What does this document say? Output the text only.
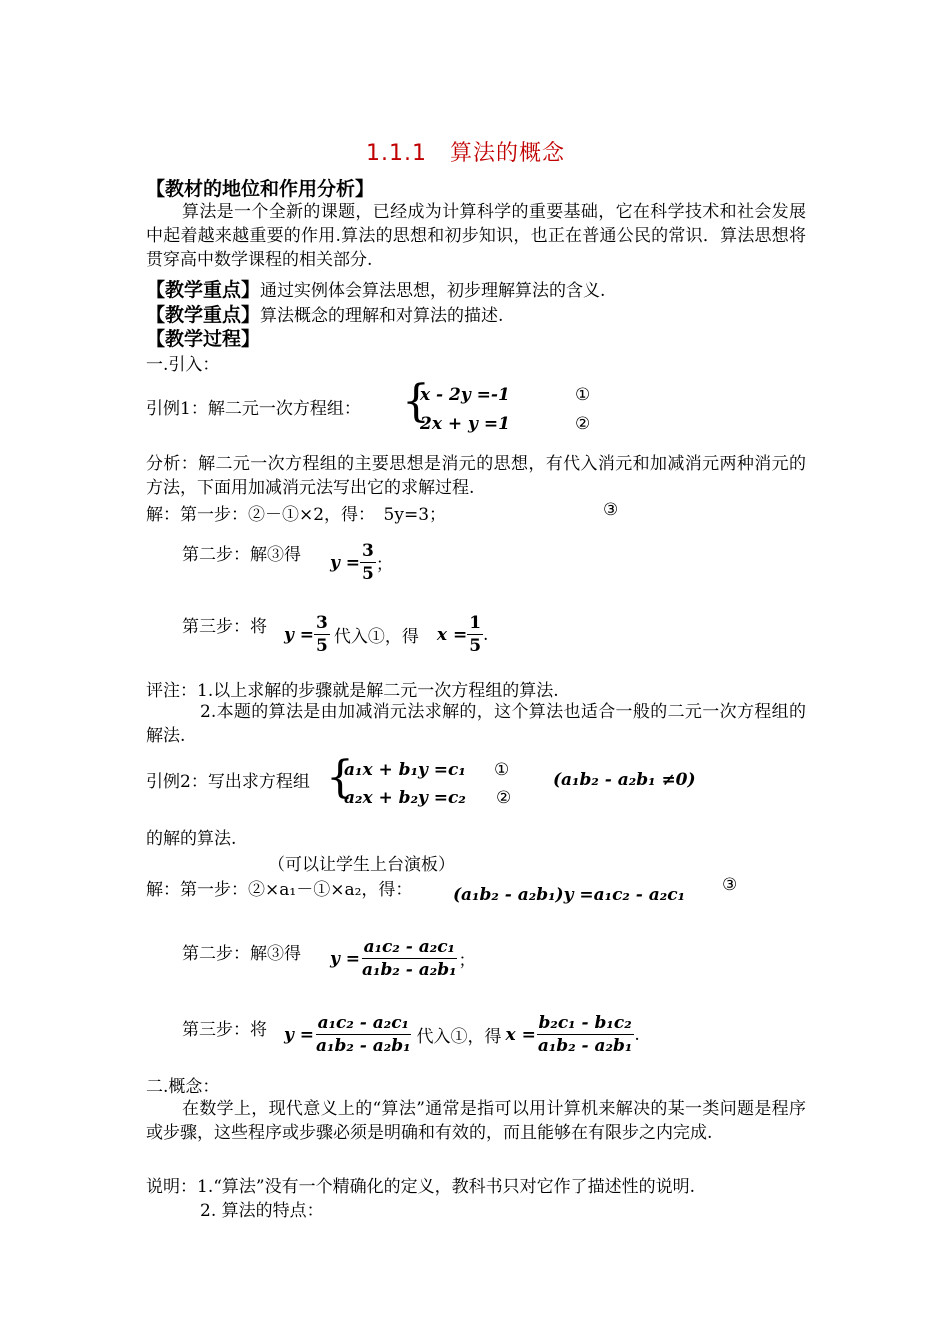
1.1.1　算法的概念
【教材的地位和作用分析】
算法是一个全新的课题，已经成为计算科学的重要基础，它在科学技术和社会发展中起着越来越重要的作用.算法的思想和初步知识，也正在普通公民的常识．算法思想将贯穿高中数学课程的相关部分.
【教学重点】通过实例体会算法思想，初步理解算法的含义.
【教学重点】算法概念的理解和对算法的描述.
【教学过程】
一.引入：
引例1：解二元一次方程组： {
x - 2y =-1
2x + y =1
①
②
分析：解二元一次方程组的主要思想是消元的思想，有代入消元和加减消元两种消元的方法，下面用加减消元法写出它的求解过程.
解：第一步：②－①×2，得：　5y=3；	③
第二步：解③得 $y = \frac{3}{5}$ ；
第三步：将 $y = \frac{3}{5}$ 代入①，得 $x = \frac{1}{5}$ .
评注：1.以上求解的步骤就是解二元一次方程组的算法.
2.本题的算法是由加减消元法求解的，这个算法也适合一般的二元一次方程组的解法.
引例2：写出求方程组 {
a₁x + b₁y =c₁
a₂x + b₂y =c₂
①
②
(a₁b₂ - a₂b₁ ≠0)
的解的算法.
（可以让学生上台演板）
解：第一步：②×a₁－①×a₂，得： (a₁b₂ - a₂b₁)y =a₁c₂ - a₂c₁ ③
第二步：解③得 $y = \frac{\text{a₁c₂ - a₂c₁}}{\text{a₁b₂ - a₂b₁}}$ ；
第三步：将 $y = \frac{\text{a₁c₂ - a₂c₁}}{\text{a₁b₂ - a₂b₁}}$ 代入①，得 $x = \frac{\text{b₂c₁ - b₁c₂}}{\text{a₁b₂ - a₂b₁}}$ .
二.概念：
在数学上，现代意义上的“算法”通常是指可以用计算机来解决的某一类问题是程序或步骤，这些程序或步骤必须是明确和有效的，而且能够在有限步之内完成.
说明：1.“算法”没有一个精确化的定义，教科书只对它作了描述性的说明.
2. 算法的特点：
